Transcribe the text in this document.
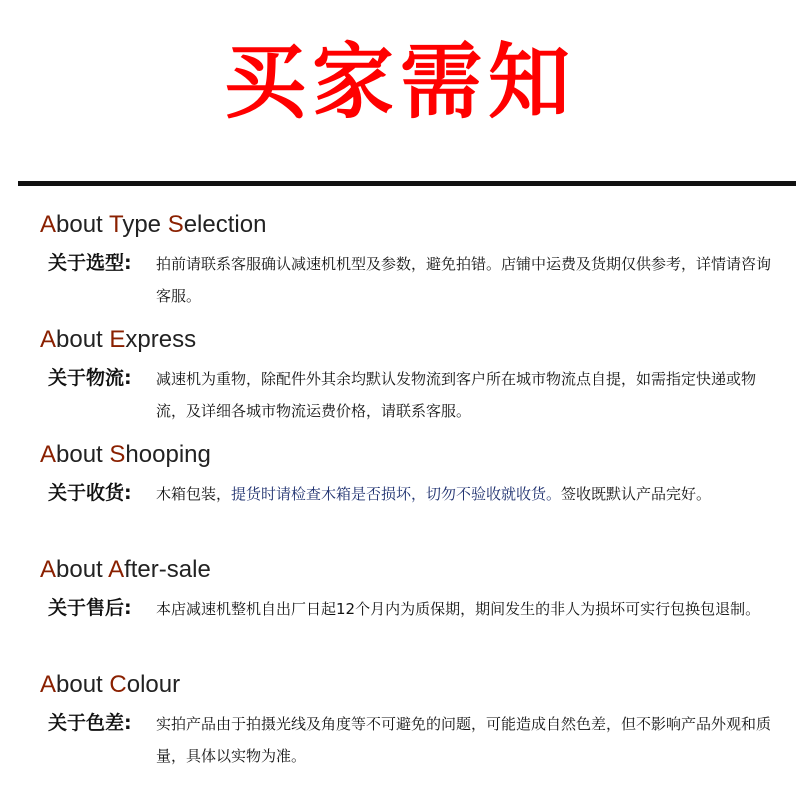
买家需知
About Type Selection
关于选型: 拍前请联系客服确认减速机机型及参数，避免拍错。店铺中运费及货期仅供参考，详情请咨询客服。
About Express
关于物流: 减速机为重物，除配件外其余均默认发物流到客户所在城市物流点自提，如需指定快递或物流，及详细各城市物流运费价格，请联系客服。
About Shooping
关于收货: 木箱包装，提货时请检查木箱是否损坏，切勿不验收就收货。签收既默认产品完好。
About After-sale
关于售后: 本店减速机整机自出厂日起12个月内为质保期，期间发生的非人为损坏可实行包换包退制。
About Colour
关于色差: 实拍产品由于拍摄光线及角度等不可避免的问题，可能造成自然色差，但不影响产品外观和质量，具体以实物为准。
